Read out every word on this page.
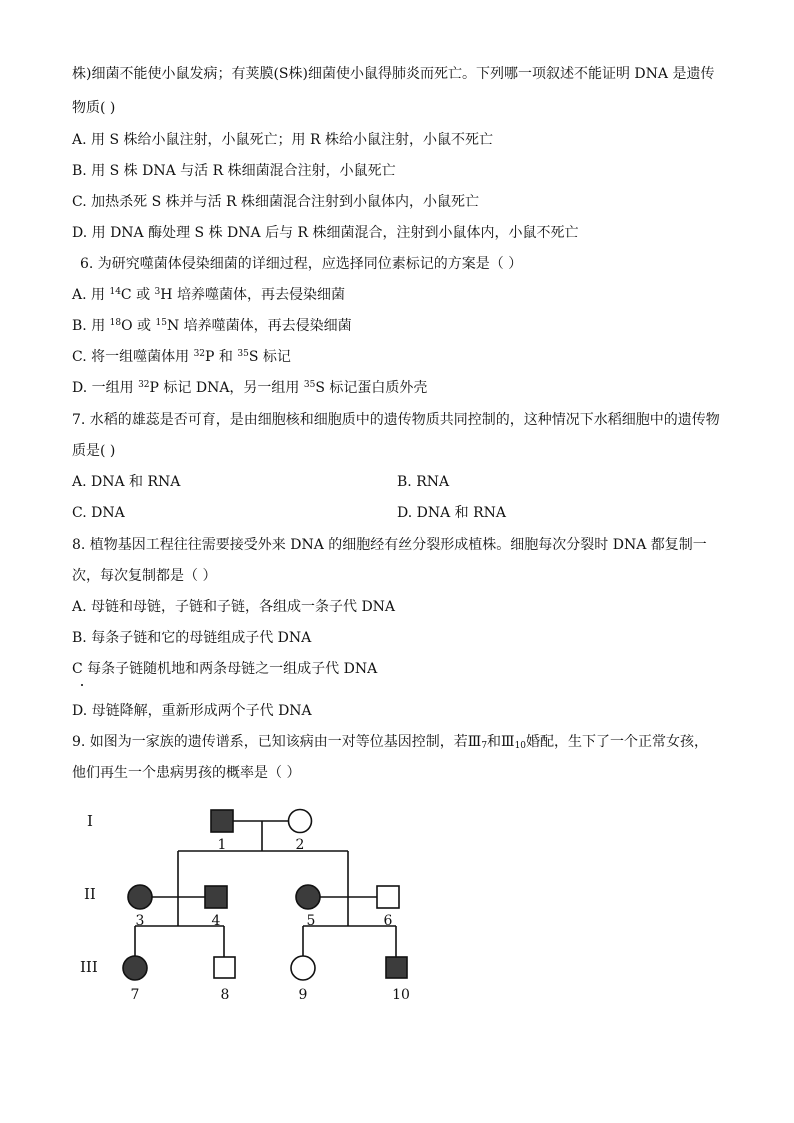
株)细菌不能使小鼠发病；有荚膜(S株)细菌使小鼠得肺炎而死亡。下列哪一项叙述不能证明 DNA 是遗传
物质( )
A. 用 S 株给小鼠注射，小鼠死亡；用 R 株给小鼠注射，小鼠不死亡
B. 用 S 株 DNA 与活 R 株细菌混合注射，小鼠死亡
C. 加热杀死 S 株并与活 R 株细菌混合注射到小鼠体内，小鼠死亡
D. 用 DNA 酶处理 S 株 DNA 后与 R 株细菌混合，注射到小鼠体内，小鼠不死亡
6. 为研究噬菌体侵染细菌的详细过程，应选择同位素标记的方案是（ ）
A. 用 $^{14}$C 或 $^3$H 培养噬菌体，再去侵染细菌
B. 用 $^{18}$O 或 $^{15}$N 培养噬菌体，再去侵染细菌
C. 将一组噬菌体用 $^{32}$P 和 $^{35}$S 标记
D. 一组用 $^{32}$P 标记 DNA，另一组用 $^{35}$S 标记蛋白质外壳
7. 水稻的雄蕊是否可育，是由细胞核和细胞质中的遗传物质共同控制的，这种情况下水稻细胞中的遗传物
质是( )
A. DNA 和 RNA	B. RNA
C. DNA	D. DNA 和 RNA
8. 植物基因工程往往需要接受外来 DNA 的细胞经有丝分裂形成植株。细胞每次分裂时 DNA 都复制一
次，每次复制都是（ ）
A. 母链和母链，子链和子链，各组成一条子代 DNA
B. 每条子链和它的母链组成子代 DNA
C 每条子链随机地和两条母链之一组成子代 DNA
D. 母链降解，重新形成两个子代 DNA
9. 如图为一家族的遗传谱系，已知该病由一对等位基因控制，若$Ⅲ_7$和$Ⅲ_{10}$婚配，生下了一个正常女孩，
他们再生一个患病男孩的概率是（ ）
I
II
III
1	2
3	4	5	6
7	8	9	10
